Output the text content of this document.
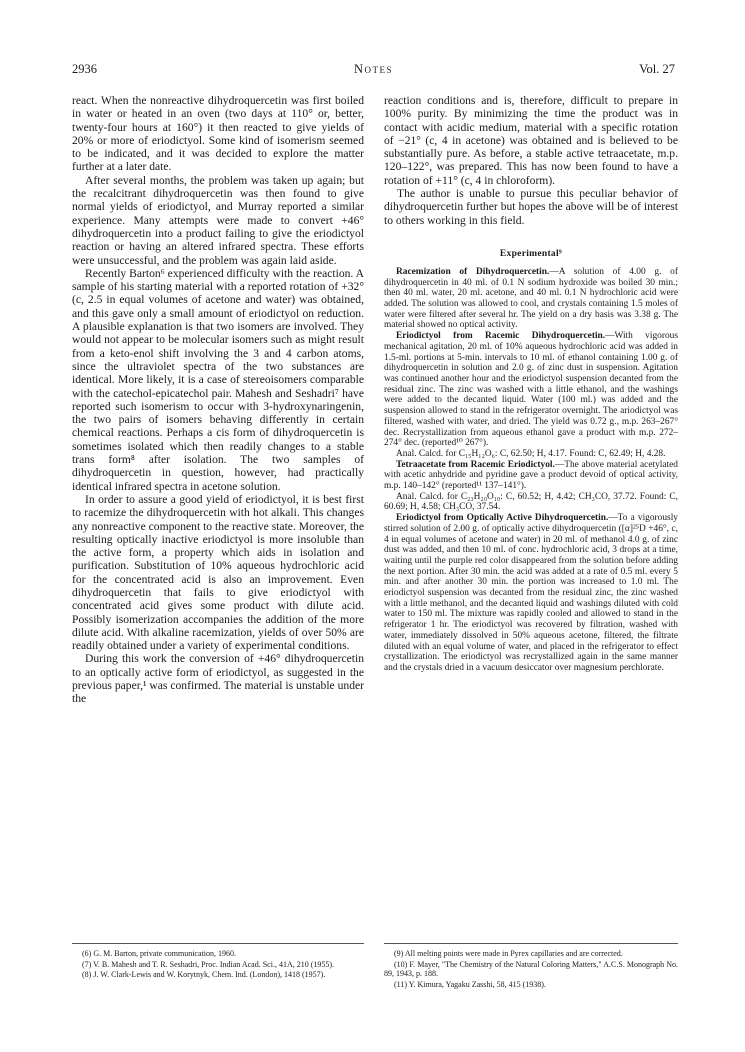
2936	Notes	Vol. 27

react. When the nonreactive dihydroquercetin was first boiled in water or heated in an oven (two days at 110° or, better, twenty-four hours at 160°) it then reacted to give yields of 20% or more of eriodictyol. Some kind of isomerism seemed to be indicated, and it was decided to explore the matter further at a later date.

After several months, the problem was taken up again; but the recalcitrant dihydroquercetin was then found to give normal yields of eriodictyol, and Murray reported a similar experience. Many attempts were made to convert +46° dihydroquercetin into a product failing to give the eriodictyol reaction or having an altered infrared spectra. These efforts were unsuccessful, and the problem was again laid aside.

Recently Barton⁶ experienced difficulty with the reaction. A sample of his starting material with a reported rotation of +32° (c, 2.5 in equal volumes of acetone and water) was obtained, and this gave only a small amount of eriodictyol on reduction. A plausible explanation is that two isomers are involved. They would not appear to be molecular isomers such as might result from a keto-enol shift involving the 3 and 4 carbon atoms, since the ultraviolet spectra of the two substances are identical. More likely, it is a case of stereoisomers comparable with the catechol-epicatechol pair. Mahesh and Seshadri⁷ have reported such isomerism to occur with 3-hydroxynaringenin, the two pairs of isomers behaving differently in certain chemical reactions. Perhaps a cis form of dihydroquercetin is sometimes isolated which then readily changes to a stable trans form⁸ after isolation. The two samples of dihydroquercetin in question, however, had practically identical infrared spectra in acetone solution.

In order to assure a good yield of eriodictyol, it is best first to racemize the dihydroquercetin with hot alkali. This changes any nonreactive component to the reactive state. Moreover, the resulting optically inactive eriodictyol is more insoluble than the active form, a property which aids in isolation and purification. Substitution of 10% aqueous hydrochloric acid for the concentrated acid is also an improvement. Even dihydroquercetin that fails to give eriodictyol with concentrated acid gives some product with dilute acid. Possibly isomerization accompanies the addition of the more dilute acid. With alkaline racemization, yields of over 50% are readily obtained under a variety of experimental conditions.

During this work the conversion of +46° dihydroquercetin to an optically active form of eriodictyol, as suggested in the previous paper,¹ was confirmed. The material is unstable under the

reaction conditions and is, therefore, difficult to prepare in 100% purity. By minimizing the time the product was in contact with acidic medium, material with a specific rotation of −21° (c, 4 in acetone) was obtained and is believed to be substantially pure. As before, a stable active tetraacetate, m.p. 120–122°, was prepared. This has now been found to have a rotation of +11° (c, 4 in chloroform).

The author is unable to pursue this peculiar behavior of dihydroquercetin further but hopes the above will be of interest to others working in this field.

Experimental⁹

Racemization of Dihydroquercetin.—A solution of 4.00 g. of dihydroquercetin in 40 ml. of 0.1 N sodium hydroxide was boiled 30 min.; then 40 ml. water, 20 ml. acetone, and 40 ml. 0.1 N hydrochloric acid were added. The solution was allowed to cool, and crystals containing 1.5 moles of water were filtered after several hr. The yield on a dry basis was 3.38 g. The material showed no optical activity.

Eriodictyol from Racemic Dihydroquercetin.—With vigorous mechanical agitation, 20 ml. of 10% aqueous hydrochloric acid was added in 1.5-ml. portions at 5-min. intervals to 10 ml. of ethanol containing 1.00 g. of dihydroquercetin in solution and 2.0 g. of zinc dust in suspension. Agitation was continued another hour and the eriodictyol suspension decanted from the residual zinc. The zinc was washed with a little ethanol, and the washings were added to the decanted liquid. Water (100 ml.) was added and the suspension allowed to stand in the refrigerator overnight. The ariodictyol was filtered, washed with water, and dried. The yield was 0.72 g., m.p. 263–267° dec. Recrystallization from aqueous ethanol gave a product with m.p. 272–274° dec. (reported¹⁰ 267°).

Anal. Calcd. for C₁₅H₁₂O₆: C, 62.50; H, 4.17. Found: C, 62.49; H, 4.28.

Tetraacetate from Racemic Eriodictyol.—The above material acetylated with acetic anhydride and pyridine gave a product devoid of optical activity, m.p. 140–142° (reported¹¹ 137–141°).

Anal. Calcd. for C₂₃H₂₀O₁₀: C, 60.52; H, 4.42; CH₃CO, 37.72. Found: C, 60.69; H, 4.58; CH₃CO, 37.54.

Eriodictyol from Optically Active Dihydroquercetin.—To a vigorously stirred solution of 2.00 g. of optically active dihydroquercetin ([α]²⁵D +46°, c, 4 in equal volumes of acetone and water) in 20 ml. of methanol 4.0 g. of zinc dust was added, and then 10 ml. of conc. hydrochloric acid, 3 drops at a time, waiting until the purple red color disappeared from the solution before adding the next portion. After 30 min. the acid was added at a rate of 0.5 ml. every 5 min. and after another 30 min. the portion was increased to 1.0 ml. The eriodictyol suspension was decanted from the residual zinc, the zinc washed with a little methanol, and the decanted liquid and washings diluted with cold water to 150 ml. The mixture was rapidly cooled and allowed to stand in the refrigerator 1 hr. The eriodictyol was recovered by filtration, washed with water, immediately dissolved in 50% aqueous acetone, filtered, the filtrate diluted with an equal volume of water, and placed in the refrigerator to effect crystallization. The eriodictyol was recrystallized again in the same manner and the crystals dried in a vacuum desiccator over magnesium perchlorate.

(6) G. M. Barton, private communication, 1960.

(7) V. B. Mahesh and T. R. Seshadri, Proc. Indian Acad. Sci., 41A, 210 (1955).

(8) J. W. Clark-Lewis and W. Korytnyk, Chem. Ind. (London), 1418 (1957).

(9) All melting points were made in Pyrex capillaries and are corrected.

(10) F. Mayer, "The Chemistry of the Natural Coloring Matters," A.C.S. Monograph No. 89, 1943, p. 188.

(11) Y. Kimura, Yagaku Zasshi, 58, 415 (1938).
